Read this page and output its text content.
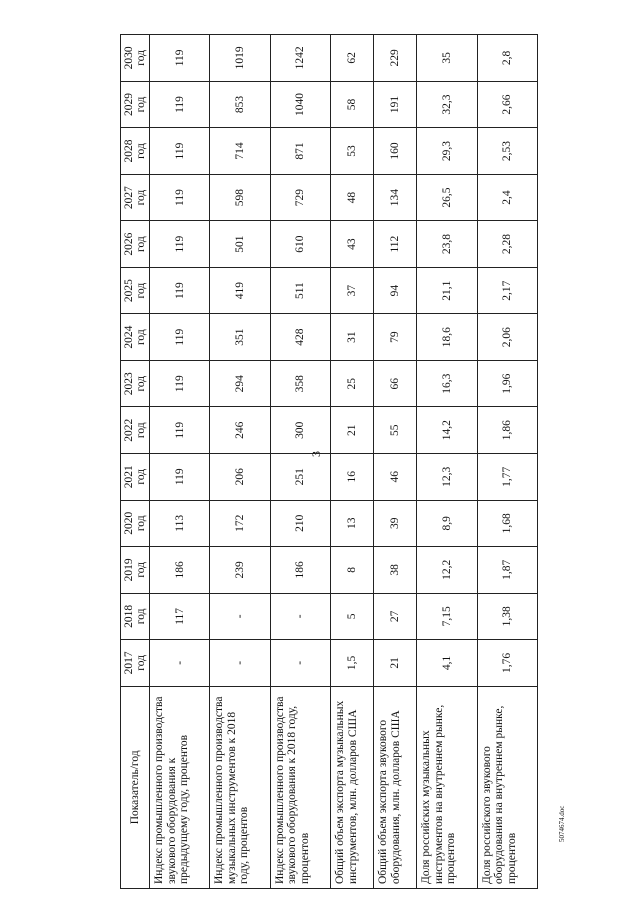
3
Показатель/год	2017 год	2018 год	2019 год	2020 год	2021 год	2022 год	2023 год	2024 год	2025 год	2026 год	2027 год	2028 год	2029 год	2030 год

Индекс промышленного производства звукового оборудования к предыдущему году, процентов	-	117	186	113	119	119	119	119	119	119	119	119	119	119
Индекс промышленного производства музыкальных инструментов к 2018 году, процентов	-	-	239	172	206	246	294	351	419	501	598	714	853	1019
Индекс промышленного производства звукового оборудования к 2018 году, процентов	-	-	186	210	251	300	358	428	511	610	729	871	1040	1242
Общий объем экспорта музыкальных инструментов, млн. долларов США	1,5	5	8	13	16	21	25	31	37	43	48	53	58	62
Общий объем экспорта звукового оборудования, млн. долларов США	21	27	38	39	46	55	66	79	94	112	134	160	191	229
Доля российских музыкальных инструментов на внутреннем рынке, процентов	4,1	7,15	12,2	8,9	12,3	14,2	16,3	18,6	21,1	23,8	26,5	29,3	32,3	35
Доля российского звукового оборудования на внутреннем рынке, процентов	1,76	1,38	1,87	1,68	1,77	1,86	1,96	2,06	2,17	2,28	2,4	2,53	2,66	2,8
5074674.doc
